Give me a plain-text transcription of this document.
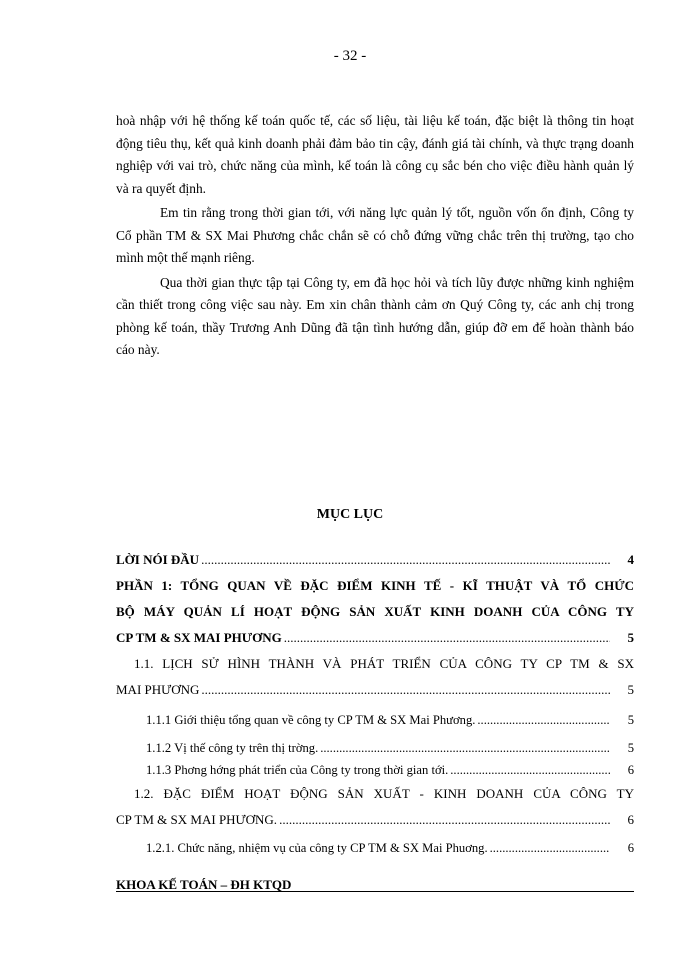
- 32 -

hoà nhập với hệ thống kế toán quốc tế, các số liệu, tài liệu kế toán, đặc biệt là thông tin hoạt động tiêu thụ, kết quả kinh doanh phải đảm bảo tin cậy, đánh giá tài chính, và thực trạng doanh nghiệp với vai trò, chức năng của mình, kế toán là công cụ sắc bén cho việc điều hành quản lý và ra quyết định.

Em tin rằng trong thời gian tới, với năng lực quản lý tốt, nguồn vốn ổn định, Công ty Cổ phần TM & SX Mai Phương chắc chắn sẽ có chỗ đứng vững chắc trên thị trường, tạo cho mình một thế mạnh riêng.

Qua thời gian thực tập tại Công ty, em đã học hỏi và tích lũy được những kinh nghiệm cần thiết trong công việc sau này. Em xin chân thành cảm ơn Quý Công ty, các anh chị trong phòng kế toán, thầy Trương Anh Dũng đã tận tình hướng dẫn, giúp đỡ em để hoàn thành báo cáo này.

MỤC LỤC
LỜI NÓI ĐẦU .....	4
PHẦN 1: TỔNG QUAN VỀ ĐẶC ĐIỂM KINH TẾ - KĨ THUẬT VÀ TỔ CHỨC
BỘ MÁY QUẢN LÍ HOẠT ĐỘNG SẢN XUẤT KINH DOANH CỦA CÔNG TY
CP TM & SX MAI PHƯƠNG .....	5
1.1. LỊCH SỬ HÌNH THÀNH VÀ PHÁT TRIỂN CỦA CÔNG TY CP TM & SX
MAI PHƯƠNG .....	5
1.1.1 Giới thiệu tổng quan về công ty CP TM & SX Mai Phương. .....	5
1.1.2 Vị thế công ty trên thị trờng. .....	5
1.1.3 Phơng hớng phát triển của Công ty trong thời gian tới. .....	6
1.2. ĐẶC ĐIỂM HOẠT ĐỘNG SẢN XUẤT - KINH DOANH CỦA CÔNG TY
CP TM & SX MAI PHƯƠNG. .....	6
1.2.1. Chức năng, nhiệm vụ của công ty CP TM & SX Mai Phuơng. .....	6
KHOA KẾ TOÁN – ĐH KTQD
